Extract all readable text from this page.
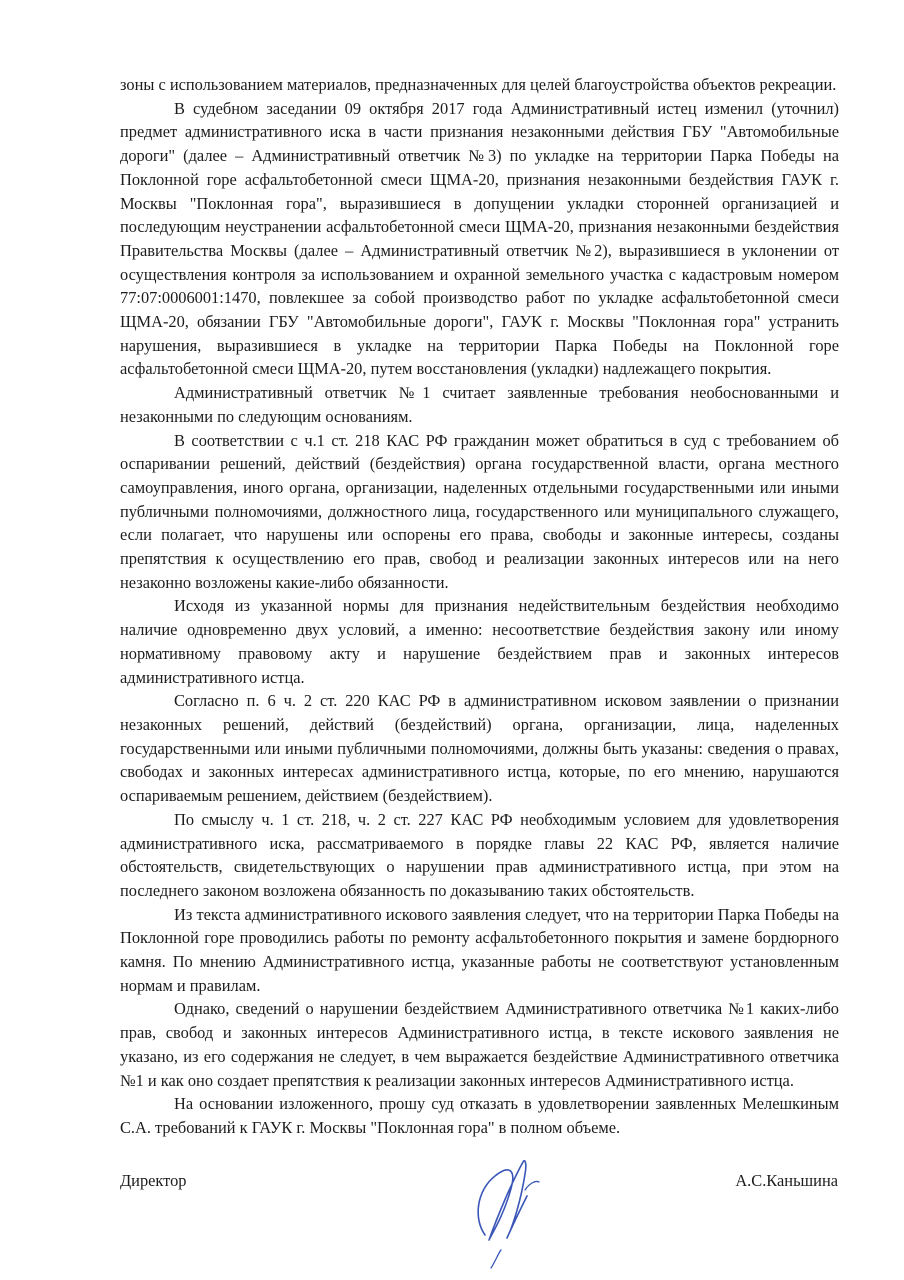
зоны с использованием материалов, предназначенных для целей благоустройства объектов рекреации.

В судебном заседании 09 октября 2017 года Административный истец изменил (уточнил) предмет административного иска в части признания незаконными действия ГБУ "Автомобильные дороги" (далее – Административный ответчик №3) по укладке на территории Парка Победы на Поклонной горе асфальтобетонной смеси ЩМА-20, признания незаконными бездействия ГАУК г. Москвы "Поклонная гора", выразившиеся в допущении укладки сторонней организацией и последующим неустранении асфальтобетонной смеси ЩМА-20, признания незаконными бездействия Правительства Москвы (далее – Административный ответчик №2), выразившиеся в уклонении от осуществления контроля за использованием и охранной земельного участка с кадастровым номером 77:07:0006001:1470, повлекшее за собой производство работ по укладке асфальтобетонной смеси ЩМА-20, обязании ГБУ "Автомобильные дороги", ГАУК г. Москвы "Поклонная гора" устранить нарушения, выразившиеся в укладке на территории Парка Победы на Поклонной горе асфальтобетонной смеси ЩМА-20, путем восстановления (укладки) надлежащего покрытия.

Административный ответчик №1 считает заявленные требования необоснованными и незаконными по следующим основаниям.

В соответствии с ч.1 ст. 218 КАС РФ гражданин может обратиться в суд с требованием об оспаривании решений, действий (бездействия) органа государственной власти, органа местного самоуправления, иного органа, организации, наделенных отдельными государственными или иными публичными полномочиями, должностного лица, государственного или муниципального служащего, если полагает, что нарушены или оспорены его права, свободы и законные интересы, созданы препятствия к осуществлению его прав, свобод и реализации законных интересов или на него незаконно возложены какие-либо обязанности.

Исходя из указанной нормы для признания недействительным бездействия необходимо наличие одновременно двух условий, а именно: несоответствие бездействия закону или иному нормативному правовому акту и нарушение бездействием прав и законных интересов административного истца.

Согласно п. 6 ч. 2 ст. 220 КАС РФ в административном исковом заявлении о признании незаконных решений, действий (бездействий) органа, организации, лица, наделенных государственными или иными публичными полномочиями, должны быть указаны: сведения о правах, свободах и законных интересах административного истца, которые, по его мнению, нарушаются оспариваемым решением, действием (бездействием).

По смыслу ч. 1 ст. 218, ч. 2 ст. 227 КАС РФ необходимым условием для удовлетворения административного иска, рассматриваемого в порядке главы 22 КАС РФ, является наличие обстоятельств, свидетельствующих о нарушении прав административного истца, при этом на последнего законом возложена обязанность по доказыванию таких обстоятельств.

Из текста административного искового заявления следует, что на территории Парка Победы на Поклонной горе проводились работы по ремонту асфальтобетонного покрытия и замене бордюрного камня. По мнению Административного истца, указанные работы не соответствуют установленным нормам и правилам.

Однако, сведений о нарушении бездействием Административного ответчика №1 каких-либо прав, свобод и законных интересов Административного истца, в тексте искового заявления не указано, из его содержания не следует, в чем выражается бездействие Административного ответчика №1 и как оно создает препятствия к реализации законных интересов Административного истца.

На основании изложенного, прошу суд отказать в удовлетворении заявленных Мелешкиным С.А. требований к ГАУК г. Москвы "Поклонная гора" в полном объеме.

Директор	А.С.Каньшина
